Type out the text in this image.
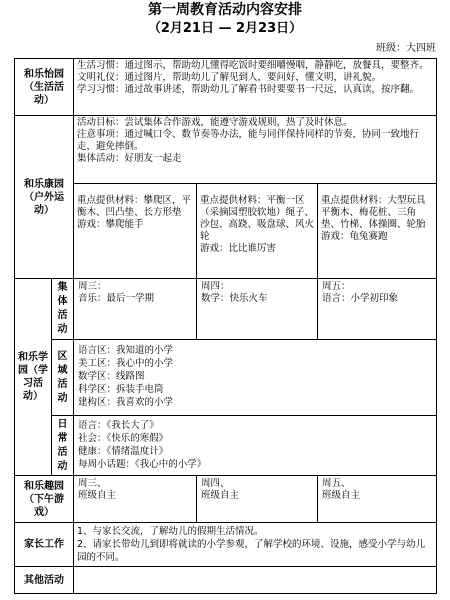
第一周教育活动内容安排
（2月21日 — 2月23日）
班级：大四班
和乐怡园（生活活动）
生活习惯：通过图示，帮助幼儿懂得吃饭时要细嚼慢咽，静静吃，放餐具，要整齐。
文明礼仪：通过图片，帮助幼儿了解见到人，要问好，懂文明，讲礼貌。
学习习惯：通过故事讲述，帮助幼儿了解看书时要要书一尺远，认真读，按序翻。
和乐康园（户外运动）
活动目标：尝试集体合作游戏，能遵守游戏规则，热了及时休息。
注意事项：通过喊口令、数节奏等办法，能与同伴保持同样的节奏，协同一致地行走，避免摔倒。
集体活动：好朋友一起走
重点提供材料：攀爬区，平衡木、凹凸垫、长方形垫
游戏：攀爬能手
重点提供材料：平衡一区（采摘园塑胶软地）绳子、沙包、高跷、吸盘球、风火轮
游戏：比比谁厉害
重点提供材料：大型玩具平衡木、梅花桩、三角垫、竹梯、体操圈、轮胎
游戏：龟兔赛跑
和乐学园（学习活动）
集体活动
周三：
音乐：最后一学期
周四：
数学：快乐火车
周五：
语言：小学初印象
区域活动
语言区：我知道的小学
美工区：我心中的小学
数学区：线路图
科学区：拆装手电筒
建构区：我喜欢的小学
日常活动
语言：《我长大了》
社会：《快乐的寒假》
健康：《情绪温度计》
每周小话题：《我心中的小学》
和乐趣园（下午游戏）
周三、
班级自主
周四、
班级自主
周五、
班级自主
家长工作
1、与家长交流，了解幼儿的假期生活情况。
2、请家长带幼儿到即将就读的小学参观，了解学校的环境、设施，感受小学与幼儿园的不同。
其他活动
